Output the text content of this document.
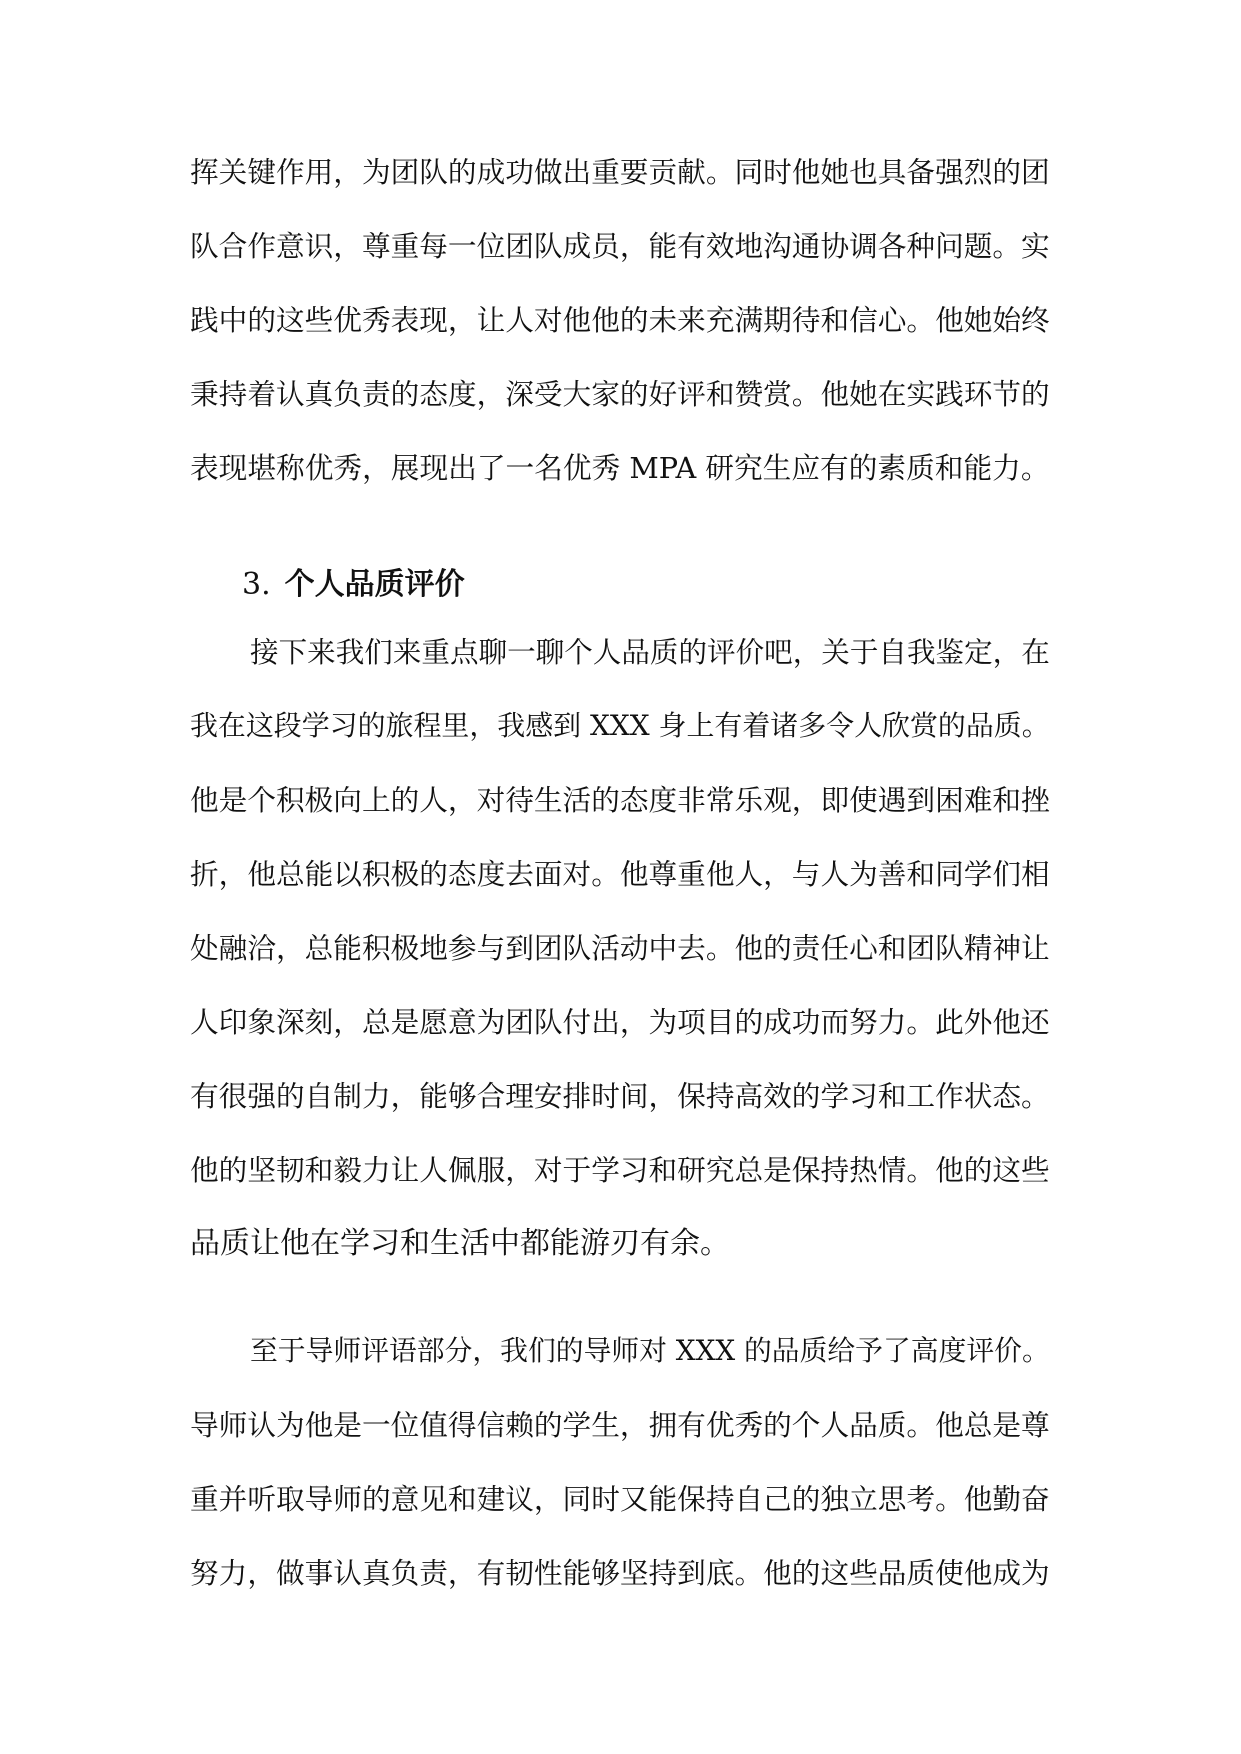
挥关键作用，为团队的成功做出重要贡献。同时他她也具备强烈的团
队合作意识，尊重每一位团队成员，能有效地沟通协调各种问题。实
践中的这些优秀表现，让人对他他的未来充满期待和信心。他她始终
秉持着认真负责的态度，深受大家的好评和赞赏。他她在实践环节的
表现堪称优秀，展现出了一名优秀 MPA 研究生应有的素质和能力。
3. 个人品质评价
接下来我们来重点聊一聊个人品质的评价吧，关于自我鉴定，在
我在这段学习的旅程里，我感到 XXX 身上有着诸多令人欣赏的品质。
他是个积极向上的人，对待生活的态度非常乐观，即使遇到困难和挫
折，他总能以积极的态度去面对。他尊重他人，与人为善和同学们相
处融洽，总能积极地参与到团队活动中去。他的责任心和团队精神让
人印象深刻，总是愿意为团队付出，为项目的成功而努力。此外他还
有很强的自制力，能够合理安排时间，保持高效的学习和工作状态。
他的坚韧和毅力让人佩服，对于学习和研究总是保持热情。他的这些
品质让他在学习和生活中都能游刃有余。
至于导师评语部分，我们的导师对 XXX 的品质给予了高度评价。
导师认为他是一位值得信赖的学生，拥有优秀的个人品质。他总是尊
重并听取导师的意见和建议，同时又能保持自己的独立思考。他勤奋
努力，做事认真负责，有韧性能够坚持到底。他的这些品质使他成为
